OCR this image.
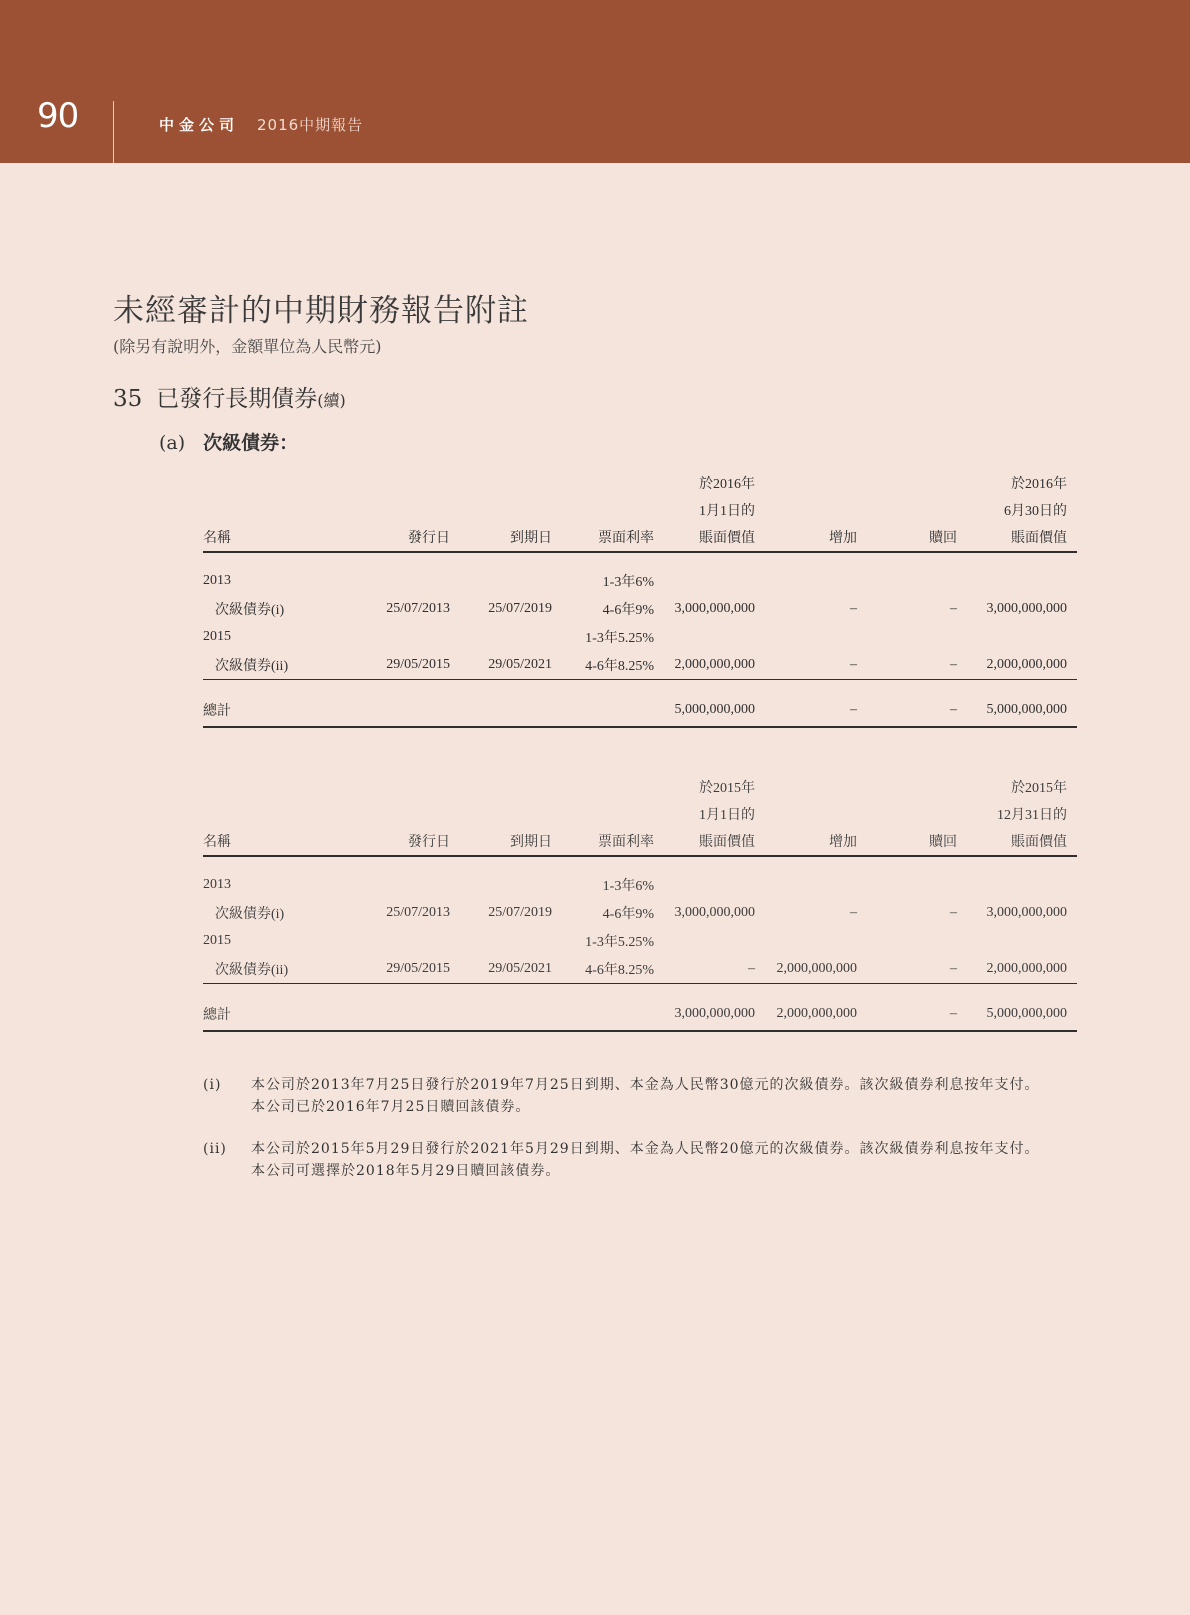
90	中金公司 2016中期報告
未經審計的中期財務報告附註
(除另有說明外，金額單位為人民幣元)
35 已發行長期債券(續)
(a) 次級債券：
				於2016年			於2016年
				1月1日的			6月30日的
名稱	發行日	到期日	票面利率	賬面價值	增加	贖回	賬面價值

2013			1-3年6%				
次級債券(i)	25/07/2013	25/07/2019	4-6年9%	3,000,000,000	–	–	3,000,000,000
2015			1-3年5.25%				
次級債券(ii)	29/05/2015	29/05/2021	4-6年8.25%	2,000,000,000	–	–	2,000,000,000

總計				5,000,000,000	–	–	5,000,000,000
				於2015年			於2015年
				1月1日的			12月31日的
名稱	發行日	到期日	票面利率	賬面價值	增加	贖回	賬面價值

2013			1-3年6%				
次級債券(i)	25/07/2013	25/07/2019	4-6年9%	3,000,000,000	–	–	3,000,000,000
2015			1-3年5.25%				
次級債券(ii)	29/05/2015	29/05/2021	4-6年8.25%	–	2,000,000,000	–	2,000,000,000

總計				3,000,000,000	2,000,000,000	–	5,000,000,000
(i) 本公司於2013年7月25日發行於2019年7月25日到期、本金為人民幣30億元的次級債券。該次級債券利息按年支付。
本公司已於2016年7月25日贖回該債券。
(ii) 本公司於2015年5月29日發行於2021年5月29日到期、本金為人民幣20億元的次級債券。該次級債券利息按年支付。
本公司可選擇於2018年5月29日贖回該債券。
